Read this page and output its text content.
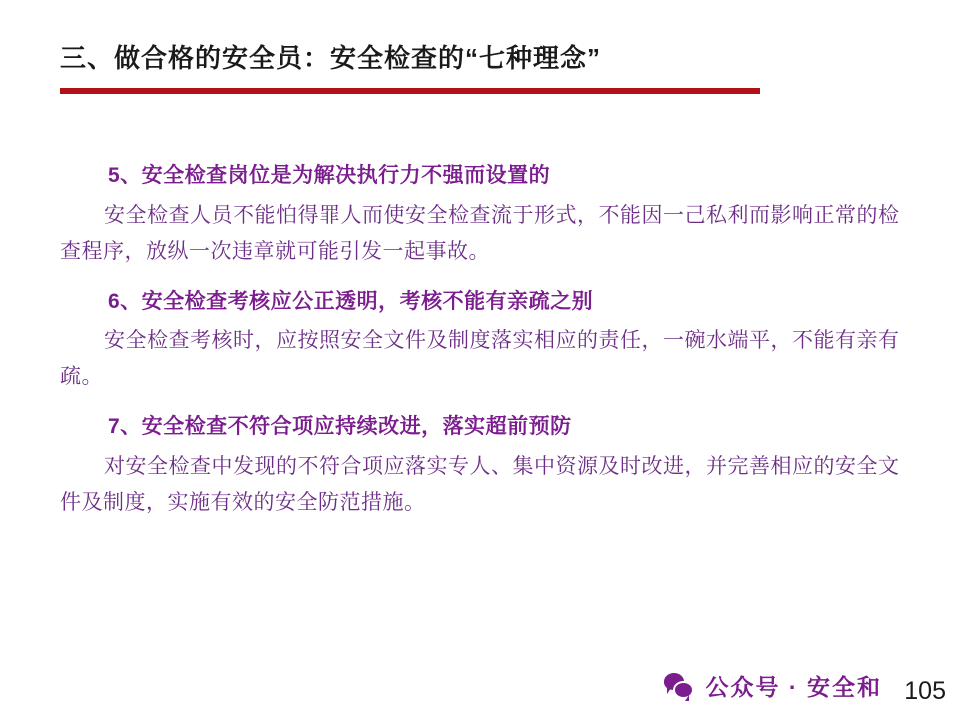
三、做合格的安全员：安全检查的“七种理念”
5、安全检查岗位是为解决执行力不强而设置的
安全检查人员不能怕得罪人而使安全检查流于形式，不能因一己私利而影响正常的检查程序，放纵一次违章就可能引发一起事故。
6、安全检查考核应公正透明，考核不能有亲疏之别
安全检查考核时，应按照安全文件及制度落实相应的责任，一碗水端平，不能有亲有疏。
7、安全检查不符合项应持续改进，落实超前预防
对安全检查中发现的不符合项应落实专人、集中资源及时改进，并完善相应的安全文件及制度，实施有效的安全防范措施。
公众号 · 安全和 105
